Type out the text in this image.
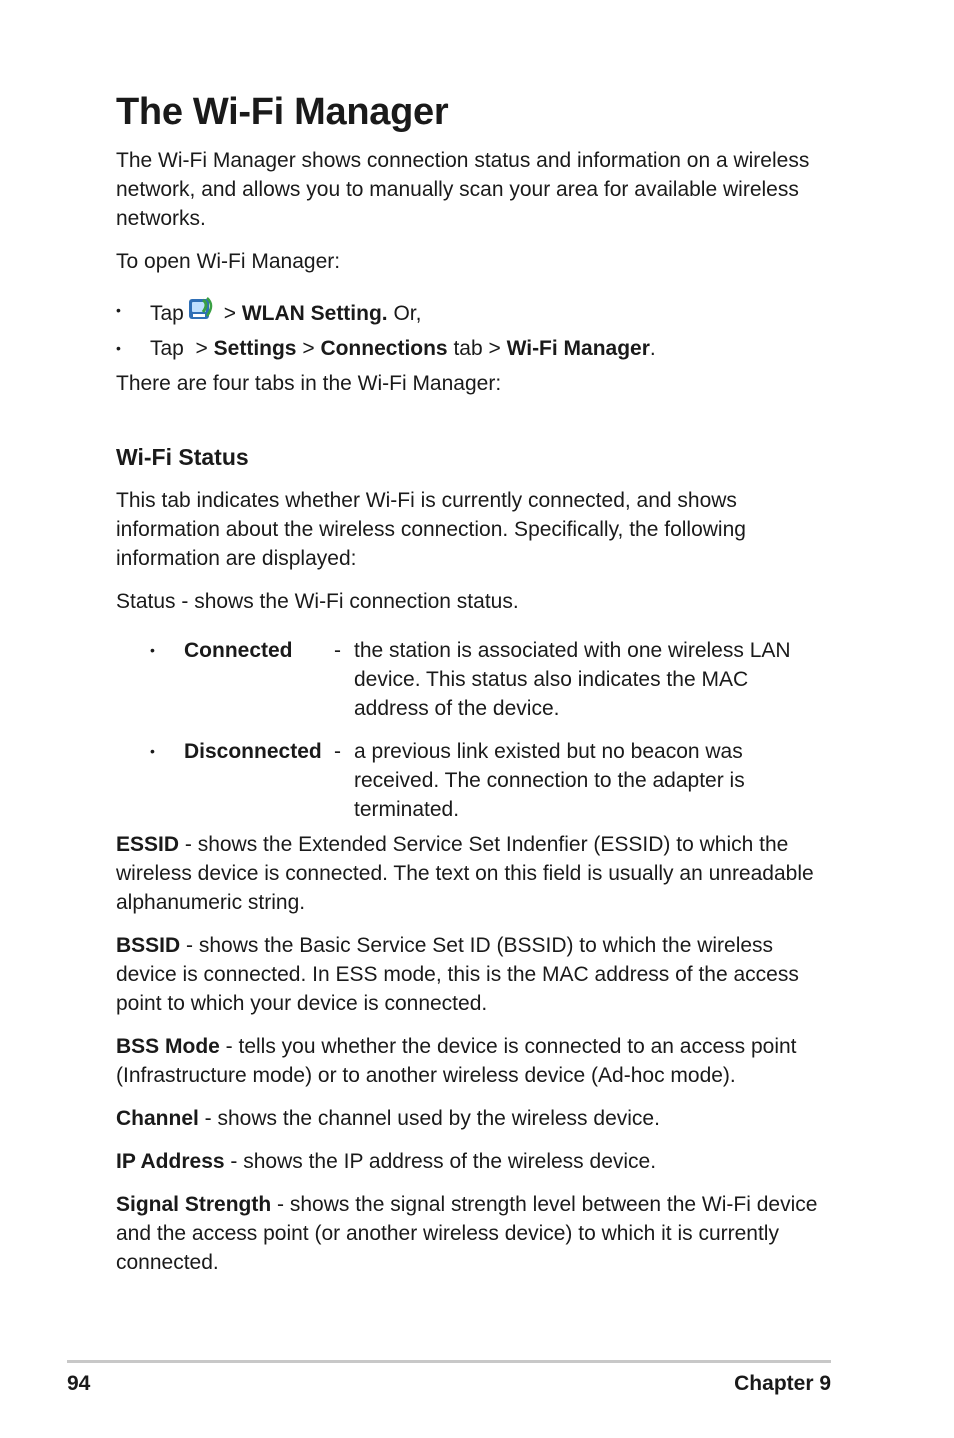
The Wi-Fi Manager

The Wi-Fi Manager shows connection status and information on a wireless network, and allows you to manually scan your area for available wireless networks.

To open Wi-Fi Manager:

• Tap > WLAN Setting. Or,
• Tap > Settings > Connections tab > Wi-Fi Manager.

There are four tabs in the Wi-Fi Manager:

Wi-Fi Status

This tab indicates whether Wi-Fi is currently connected, and shows information about the wireless connection. Specifically, the following information are displayed:

Status - shows the Wi-Fi connection status.

•	Connected	- the station is associated with one wireless LAN device. This status also indicates the MAC address of the device.
•	Disconnected - a previous link existed but no beacon was received. The connection to the adapter is terminated.

ESSID - shows the Extended Service Set Indenfier (ESSID) to which the wireless device is connected. The text on this field is usually an unreadable alphanumeric string.

BSSID - shows the Basic Service Set ID (BSSID) to which the wireless device is connected. In ESS mode, this is the MAC address of the access point to which your device is connected.

BSS Mode - tells you whether the device is connected to an access point (Infrastructure mode) or to another wireless device (Ad-hoc mode).

Channel - shows the channel used by the wireless device.

IP Address - shows the IP address of the wireless device.

Signal Strength - shows the signal strength level between the Wi-Fi device and the access point (or another wireless device) to which it is currently connected.

94	Chapter 9
